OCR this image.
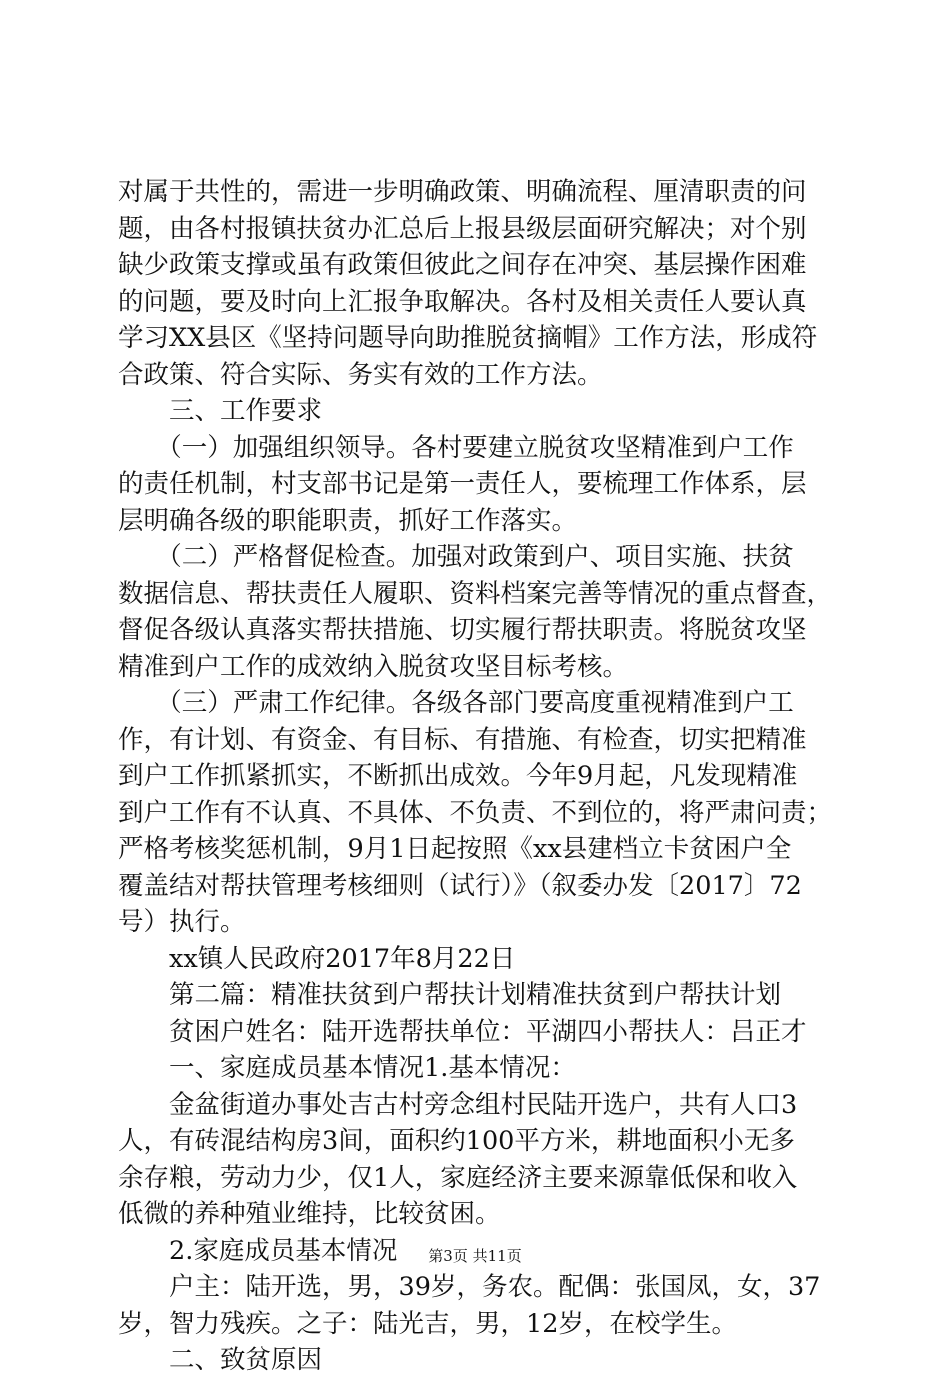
对属于共性的，需进一步明确政策、明确流程、厘清职责的问
题，由各村报镇扶贫办汇总后上报县级层面研究解决；对个别
缺少政策支撑或虽有政策但彼此之间存在冲突、基层操作困难
的问题，要及时向上汇报争取解决。各村及相关责任人要认真
学习XX县区《坚持问题导向助推脱贫摘帽》工作方法，形成符
合政策、符合实际、务实有效的工作方法。
　　三、工作要求
　　（一）加强组织领导。各村要建立脱贫攻坚精准到户工作
的责任机制，村支部书记是第一责任人，要梳理工作体系，层
层明确各级的职能职责，抓好工作落实。
　　（二）严格督促检查。加强对政策到户、项目实施、扶贫
数据信息、帮扶责任人履职、资料档案完善等情况的重点督查，
督促各级认真落实帮扶措施、切实履行帮扶职责。将脱贫攻坚
精准到户工作的成效纳入脱贫攻坚目标考核。
　　（三）严肃工作纪律。各级各部门要高度重视精准到户工
作，有计划、有资金、有目标、有措施、有检查，切实把精准
到户工作抓紧抓实，不断抓出成效。今年9月起，凡发现精准
到户工作有不认真、不具体、不负责、不到位的，将严肃问责；
严格考核奖惩机制，9月1日起按照《xx县建档立卡贫困户全
覆盖结对帮扶管理考核细则（试行）》（叙委办发〔2017〕72
号）执行。
　　xx镇人民政府2017年8月22日
　　第二篇：精准扶贫到户帮扶计划精准扶贫到户帮扶计划
　　贫困户姓名：陆开选帮扶单位：平湖四小帮扶人：吕正才
　　一、家庭成员基本情况1.基本情况：
　　金盆街道办事处吉古村旁念组村民陆开选户，共有人口3
人，有砖混结构房3间，面积约100平方米，耕地面积小无多
余存粮，劳动力少，仅1人，家庭经济主要来源靠低保和收入
低微的养种殖业维持，比较贫困。
　　2.家庭成员基本情况
　　户主：陆开选，男，39岁，务农。配偶：张国凤，女，37
岁，智力残疾。之子：陆光吉，男，12岁，在校学生。
　　二、致贫原因
第3页 共11页
